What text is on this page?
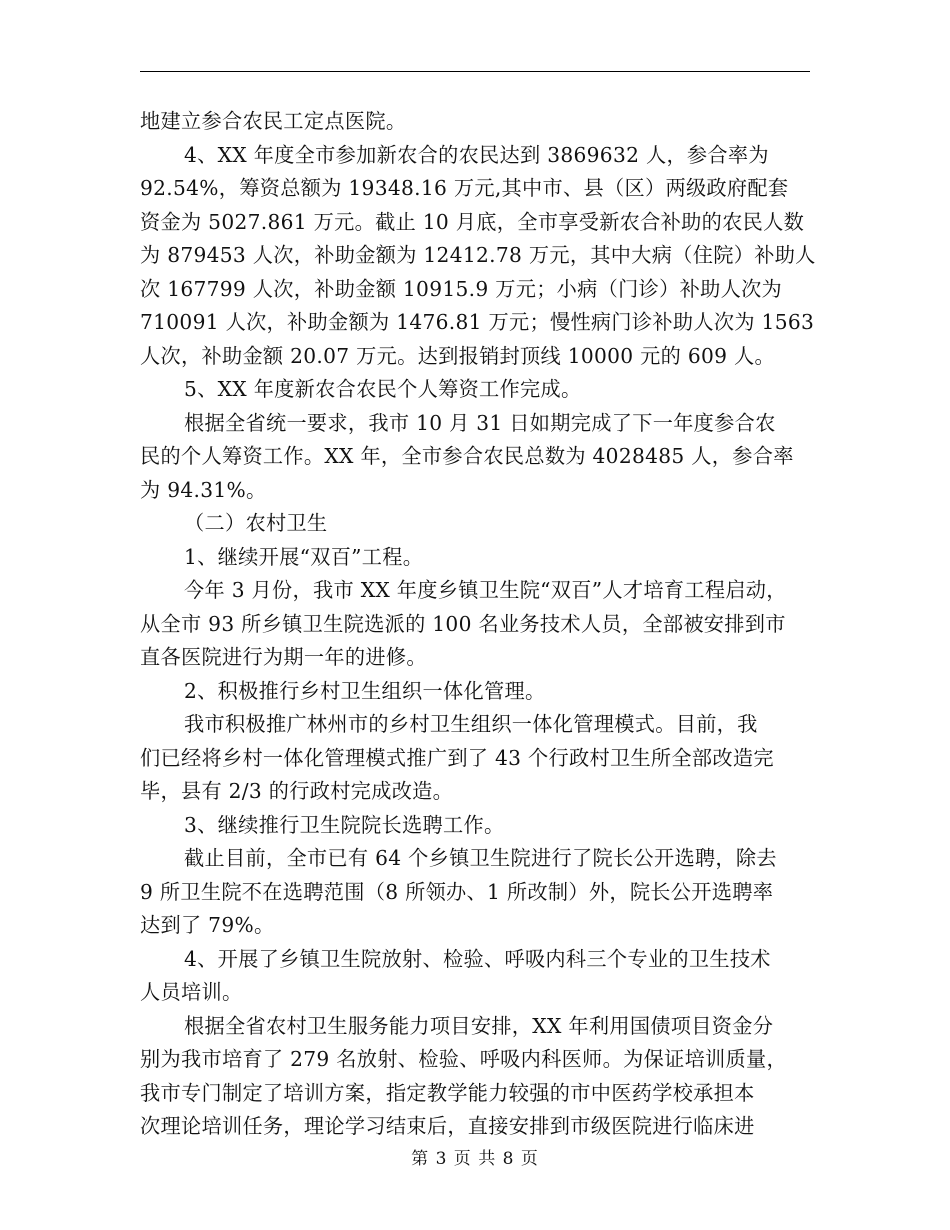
地建立参合农民工定点医院。
4、XX 年度全市参加新农合的农民达到 3869632 人，参合率为
92.54%，筹资总额为 19348.16 万元,其中市、县（区）两级政府配套
资金为 5027.861 万元。截止 10 月底，全市享受新农合补助的农民人数
为 879453 人次，补助金额为 12412.78 万元，其中大病（住院）补助人
次 167799 人次，补助金额 10915.9 万元；小病（门诊）补助人次为
710091 人次，补助金额为 1476.81 万元；慢性病门诊补助人次为 1563
人次，补助金额 20.07 万元。达到报销封顶线 10000 元的 609 人。
5、XX 年度新农合农民个人筹资工作完成。
根据全省统一要求，我市 10 月 31 日如期完成了下一年度参合农
民的个人筹资工作。XX 年，全市参合农民总数为 4028485 人，参合率
为 94.31%。
（二）农村卫生
1、继续开展“双百”工程。
今年 3 月份，我市 XX 年度乡镇卫生院“双百”人才培育工程启动，
从全市 93 所乡镇卫生院选派的 100 名业务技术人员，全部被安排到市
直各医院进行为期一年的进修。
2、积极推行乡村卫生组织一体化管理。
我市积极推广林州市的乡村卫生组织一体化管理模式。目前，我
们已经将乡村一体化管理模式推广到了 43 个行政村卫生所全部改造完
毕，县有 2/3 的行政村完成改造。
3、继续推行卫生院院长选聘工作。
截止目前，全市已有 64 个乡镇卫生院进行了院长公开选聘，除去
9 所卫生院不在选聘范围（8 所领办、1 所改制）外，院长公开选聘率
达到了 79%。
4、开展了乡镇卫生院放射、检验、呼吸内科三个专业的卫生技术
人员培训。
根据全省农村卫生服务能力项目安排，XX 年利用国债项目资金分
别为我市培育了 279 名放射、检验、呼吸内科医师。为保证培训质量，
我市专门制定了培训方案，指定教学能力较强的市中医药学校承担本
次理论培训任务，理论学习结束后，直接安排到市级医院进行临床进
第 3 页 共 8 页
